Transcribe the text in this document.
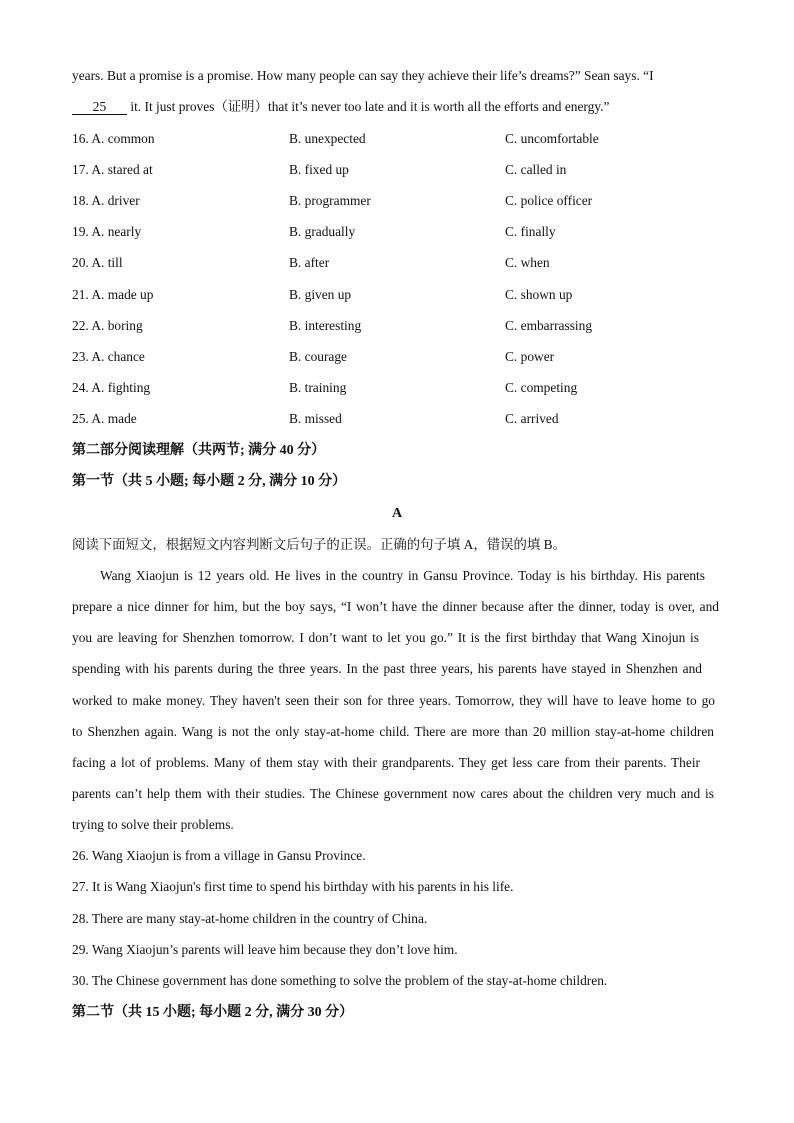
years. But a promise is a promise. How many people can say they achieve their life’s dreams?” Sean says. “I
25 it. It just proves（证明）that it’s never too late and it is worth all the efforts and energy.”
16. A. common	B. unexpected	C. uncomfortable
17. A. stared at	B. fixed up	C. called in
18. A. driver	B. programmer	C. police officer
19. A. nearly	B. gradually	C. finally
20. A. till	B. after	C. when
21. A. made up	B. given up	C. shown up
22. A. boring	B. interesting	C. embarrassing
23. A. chance	B. courage	C. power
24. A. fighting	B. training	C. competing
25. A. made	B. missed	C. arrived
第二部分阅读理解（共两节; 满分 40 分）
第一节（共 5 小题; 每小题 2 分, 满分 10 分）
A
阅读下面短文，根据短文内容判断文后句子的正误。正确的句子填 A，错误的填 B。
Wang Xiaojun is 12 years old. He lives in the country in Gansu Province. Today is his birthday. His parents
prepare a nice dinner for him, but the boy says, “I won’t have the dinner because after the dinner, today is over, and
you are leaving for Shenzhen tomorrow. I don’t want to let you go.” It is the first birthday that Wang Xinojun is
spending with his parents during the three years. In the past three years, his parents have stayed in Shenzhen and
worked to make money. They haven't seen their son for three years. Tomorrow, they will have to leave home to go
to Shenzhen again. Wang is not the only stay-at-home child. There are more than 20 million stay-at-home children
facing a lot of problems. Many of them stay with their grandparents. They get less care from their parents. Their
parents can’t help them with their studies. The Chinese government now cares about the children very much and is
trying to solve their problems.
26. Wang Xiaojun is from a village in Gansu Province.
27. It is Wang Xiaojun's first time to spend his birthday with his parents in his life.
28. There are many stay-at-home children in the country of China.
29. Wang Xiaojun’s parents will leave him because they don’t love him.
30. The Chinese government has done something to solve the problem of the stay-at-home children.
第二节（共 15 小题; 每小题 2 分, 满分 30 分）
